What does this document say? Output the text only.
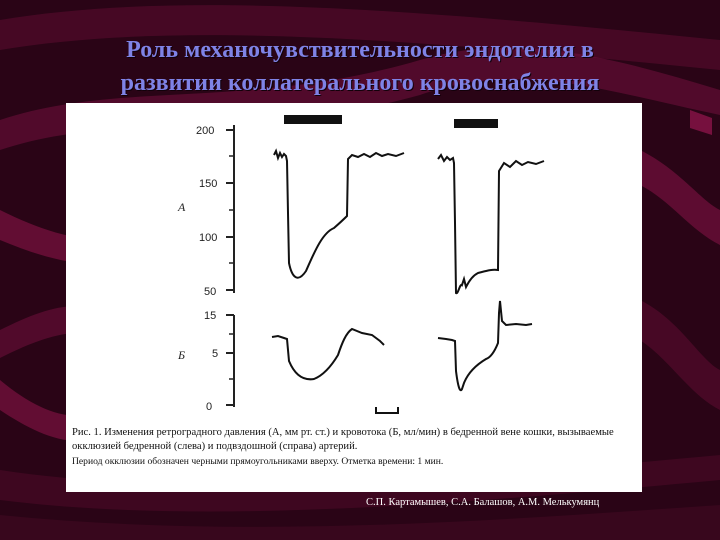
Роль механочувствительности эндотелия в
развитии коллатерального кровоснабжения
200
150
100
50
А
15
5
0
Б

Рис. 1. Изменения ретроградного давления (А, мм рт. ст.) и кровотока (Б, мл/мин) в бедренной вене кошки, вызываемые окклюзией бедренной (слева) и подвздошной (справа) артерий.

Период окклюзии обозначен черными прямоугольниками вверху. Отметка времени: 1 мин.

С.П. Картамышев, С.А. Балашов, А.М. Мелькумянц
